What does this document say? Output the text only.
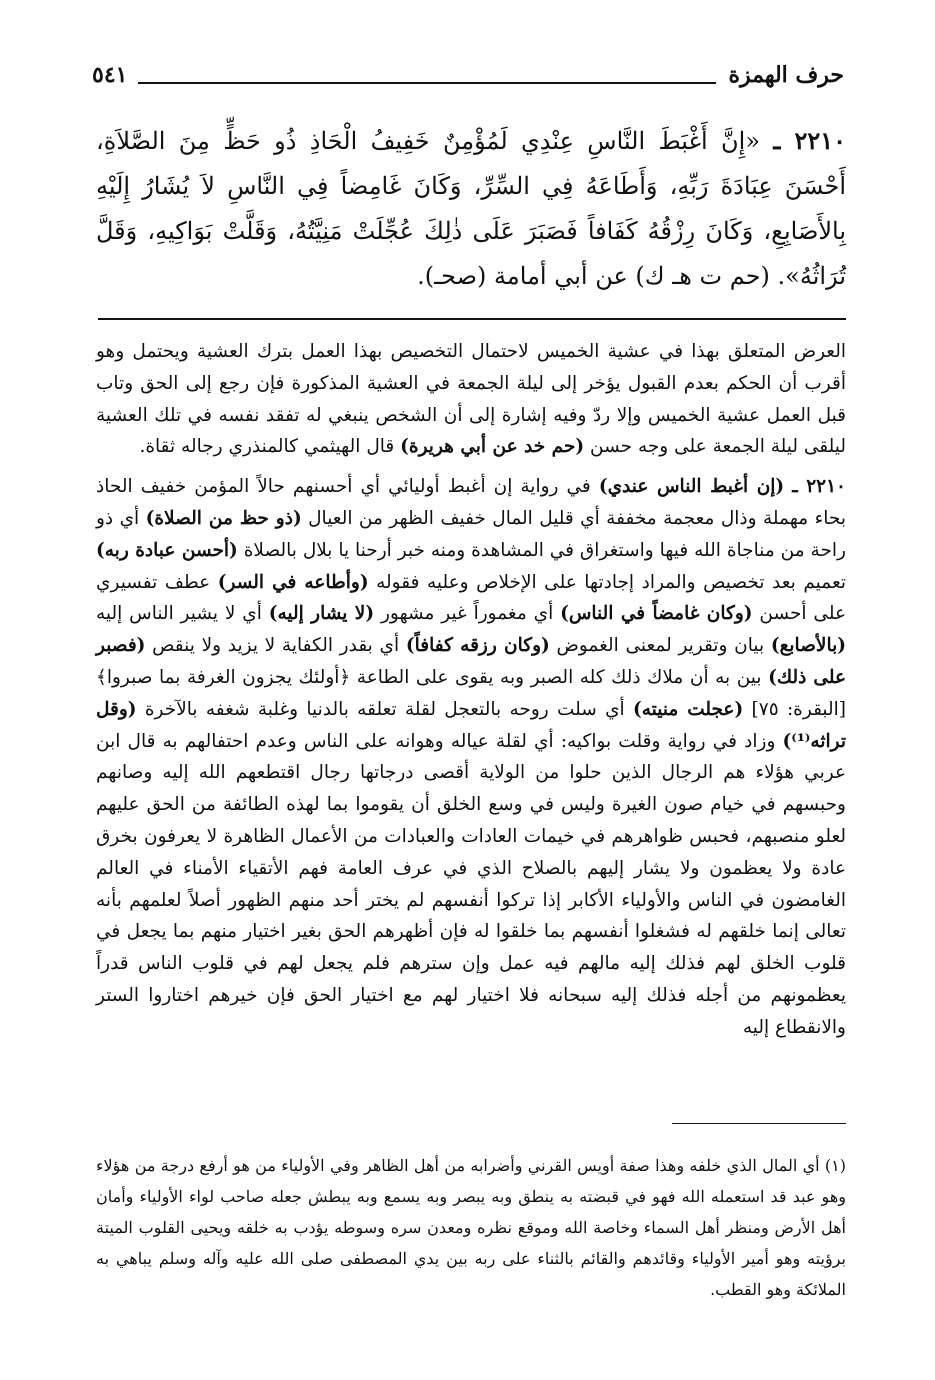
حرف الهمزة
٥٤١
٢٢١٠ ـ «إِنَّ أَغْبَطَ النَّاسِ عِنْدِي لَمُؤْمِنٌ خَفِيفُ الْحَاذِ ذُو حَظٍّ مِنَ الصَّلاَةِ، أَحْسَنَ عِبَادَةَ رَبِّهِ، وَأَطَاعَهُ فِي السِّرِّ، وَكَانَ غَامِضاً فِي النَّاسِ لاَ يُشَارُ إِلَيْهِ بِالأَصَابِعِ، وَكَانَ رِزْقُهُ كَفَافاً فَصَبَرَ عَلَى ذٰلِكَ عُجِّلَتْ مَنِيَّتُهُ، وَقَلَّتْ بَوَاكِيهِ، وَقَلَّ تُرَاثُهُ». (حم ت هـ ك) عن أبي أمامة (صحـ).

العرض المتعلق بهذا في عشية الخميس لاحتمال التخصيص بهذا العمل بترك العشية ويحتمل وهو أقرب أن الحكم بعدم القبول يؤخر إلى ليلة الجمعة في العشية المذكورة فإن رجع إلى الحق وتاب قبل العمل عشية الخميس وإلا ردّ وفيه إشارة إلى أن الشخص ينبغي له تفقد نفسه في تلك العشية ليلقى ليلة الجمعة على وجه حسن (حم خد عن أبي هريرة) قال الهيثمي كالمنذري رجاله ثقاة.

٢٢١٠ ـ (إن أغبط الناس عندي) في رواية إن أغبط أوليائي أي أحسنهم حالاً المؤمن خفيف الحاذ بحاء مهملة وذال معجمة مخففة أي قليل المال خفيف الظهر من العيال (ذو حظ من الصلاة) أي ذو راحة من مناجاة الله فيها واستغراق في المشاهدة ومنه خبر أرحنا يا بلال بالصلاة (أحسن عبادة ربه) تعميم بعد تخصيص والمراد إجادتها على الإخلاص وعليه فقوله (وأطاعه في السر) عطف تفسيري على أحسن (وكان غامضاً في الناس) أي مغموراً غير مشهور (لا يشار إليه) أي لا يشير الناس إليه (بالأصابع) بيان وتقرير لمعنى الغموض (وكان رزقه كفافاً) أي بقدر الكفاية لا يزيد ولا ينقص (فصبر على ذلك) بين به أن ملاك ذلك كله الصبر وبه يقوى على الطاعة ﴿أولئك يجزون الغرفة بما صبروا﴾ [البقرة: ٧٥] (عجلت منيته) أي سلت روحه بالتعجل لقلة تعلقه بالدنيا وغلبة شغفه بالآخرة (وقل تراثه⁽¹⁾) وزاد في رواية وقلت بواكيه: أي لقلة عياله وهوانه على الناس وعدم احتفالهم به قال ابن عربي هؤلاء هم الرجال الذين حلوا من الولاية أقصى درجاتها رجال اقتطعهم الله إليه وصانهم وحبسهم في خيام صون الغيرة وليس في وسع الخلق أن يقوموا بما لهذه الطائفة من الحق عليهم لعلو منصبهم، فحبس ظواهرهم في خيمات العادات والعبادات من الأعمال الظاهرة لا يعرفون بخرق عادة ولا يعظمون ولا يشار إليهم بالصلاح الذي في عرف العامة فهم الأتقياء الأمناء في العالم الغامضون في الناس والأولياء الأكابر إذا تركوا أنفسهم لم يختر أحد منهم الظهور أصلاً لعلمهم بأنه تعالى إنما خلقهم له فشغلوا أنفسهم بما خلقوا له فإن أظهرهم الحق بغير اختيار منهم بما يجعل في قلوب الخلق لهم فذلك إليه مالهم فيه عمل وإن سترهم فلم يجعل لهم في قلوب الناس قدراً يعظمونهم من أجله فذلك إليه سبحانه فلا اختيار لهم مع اختيار الحق فإن خيرهم اختاروا الستر والانقطاع إليه

(١) أي المال الذي خلفه وهذا صفة أويس القرني وأضرابه من أهل الظاهر وفي الأولياء من هو أرفع درجة من هؤلاء وهو عبد قد استعمله الله فهو في قبضته به ينطق وبه يبصر وبه يسمع وبه يبطش جعله صاحب لواء الأولياء وأمان أهل الأرض ومنظر أهل السماء وخاصة الله وموقع نظره ومعدن سره وسوطه يؤدب به خلقه ويحيى القلوب الميتة برؤيته وهو أمير الأولياء وقائدهم والقائم بالثناء على ربه بين يدي المصطفى صلى الله عليه وآله وسلم يباهي به الملائكة وهو القطب.
